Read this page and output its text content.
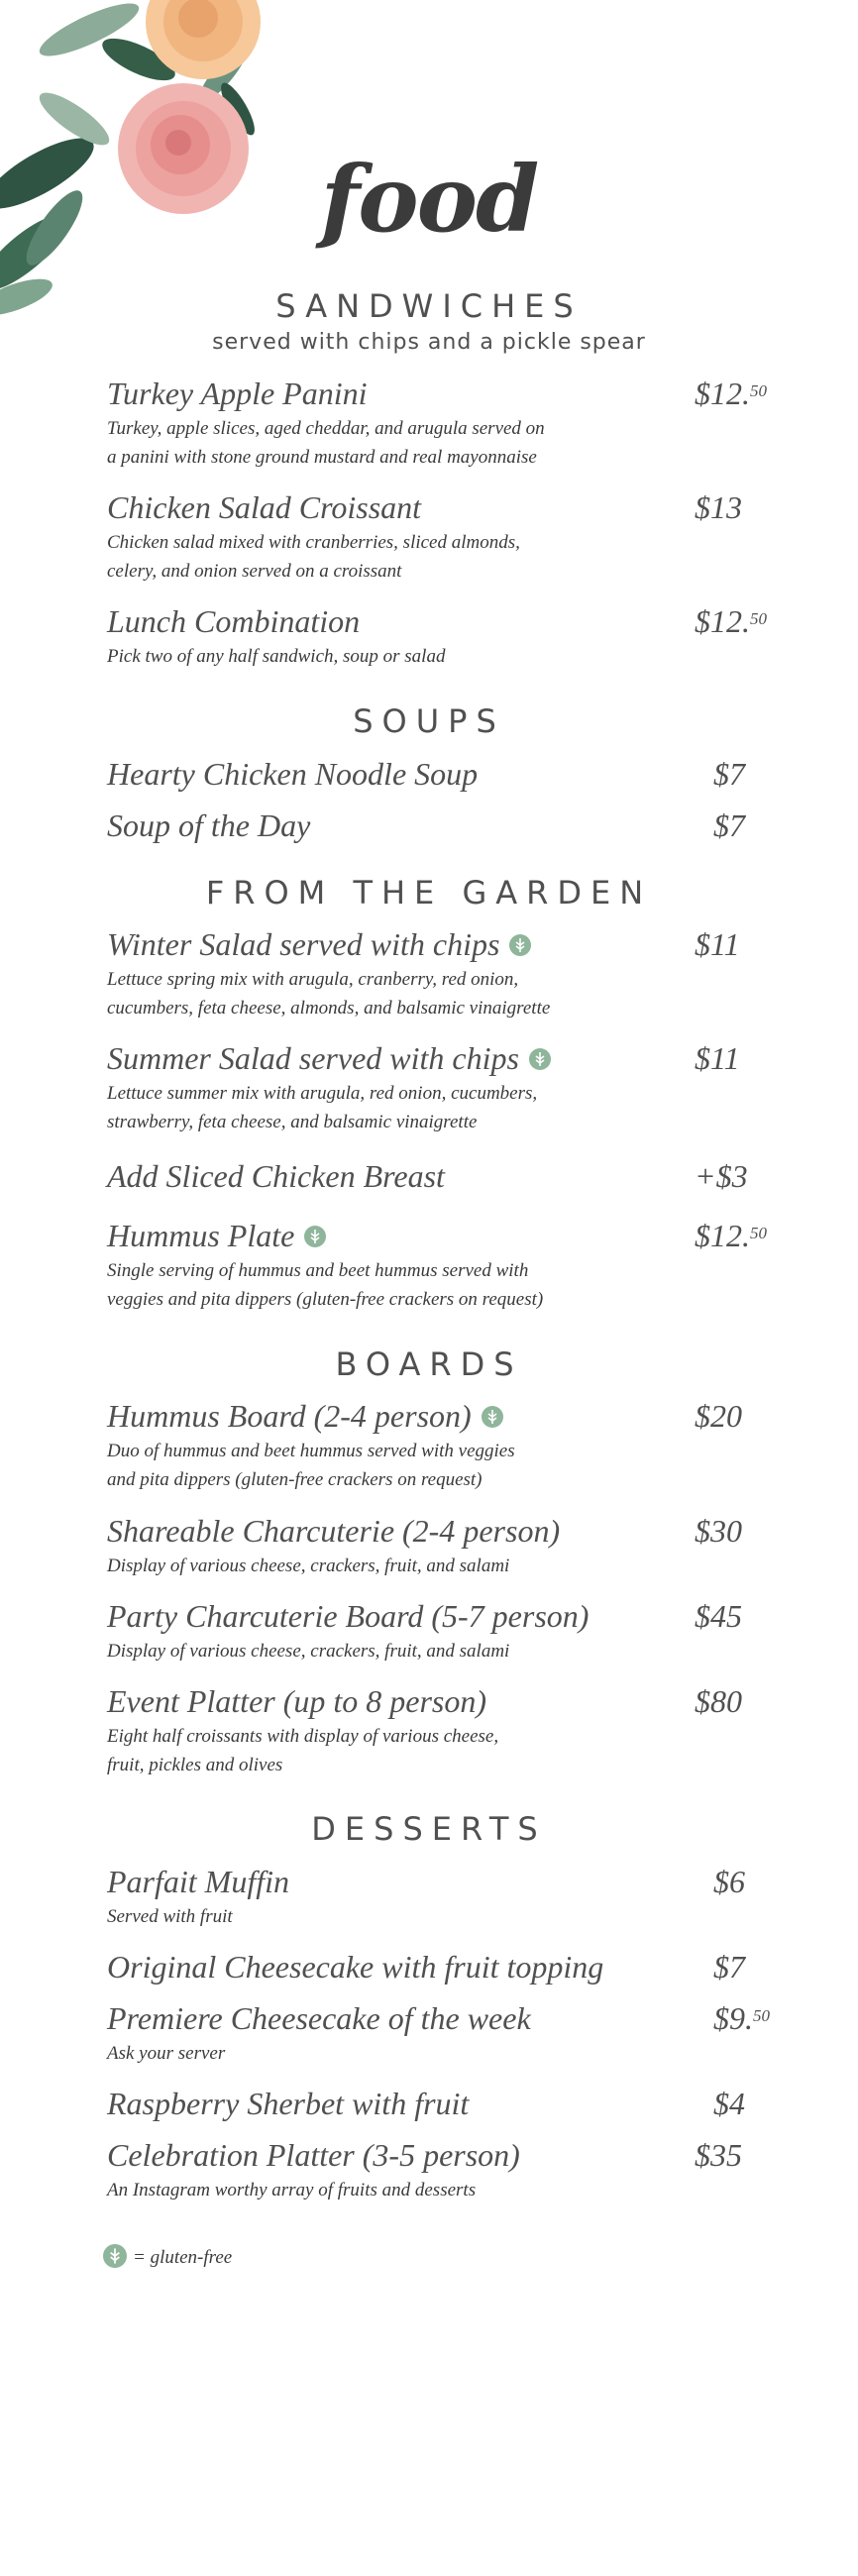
food
SANDWICHES
served with chips and a pickle spear
Turkey Apple Panini	$12.50
Turkey, apple slices, aged cheddar, and arugula served on
a panini with stone ground mustard and real mayonnaise
Chicken Salad Croissant	$13
Chicken salad mixed with cranberries, sliced almonds,
celery, and onion served on a croissant
Lunch Combination	$12.50
Pick two of any half sandwich, soup or salad
SOUPS
Hearty Chicken Noodle Soup	$7
Soup of the Day	$7
FROM THE GARDEN
Winter Salad served with chips	$11
Lettuce spring mix with arugula, cranberry, red onion,
cucumbers, feta cheese, almonds, and balsamic vinaigrette
Summer Salad served with chips	$11
Lettuce summer mix with arugula, red onion, cucumbers,
strawberry, feta cheese, and balsamic vinaigrette
Add Sliced Chicken Breast	+$3
Hummus Plate	$12.50
Single serving of hummus and beet hummus served with
veggies and pita dippers (gluten-free crackers on request)
BOARDS
Hummus Board (2-4 person)	$20
Duo of hummus and beet hummus served with veggies
and pita dippers (gluten-free crackers on request)
Shareable Charcuterie (2-4 person)	$30
Display of various cheese, crackers, fruit, and salami
Party Charcuterie Board (5-7 person)	$45
Display of various cheese, crackers, fruit, and salami
Event Platter (up to 8 person)	$80
Eight half croissants with display of various cheese,
fruit, pickles and olives
DESSERTS
Parfait Muffin	$6
Served with fruit
Original Cheesecake with fruit topping	$7
Premiere Cheesecake of the week	$9.50
Ask your server
Raspberry Sherbet with fruit	$4
Celebration Platter (3-5 person)	$35
An Instagram worthy array of fruits and desserts
= gluten-free
